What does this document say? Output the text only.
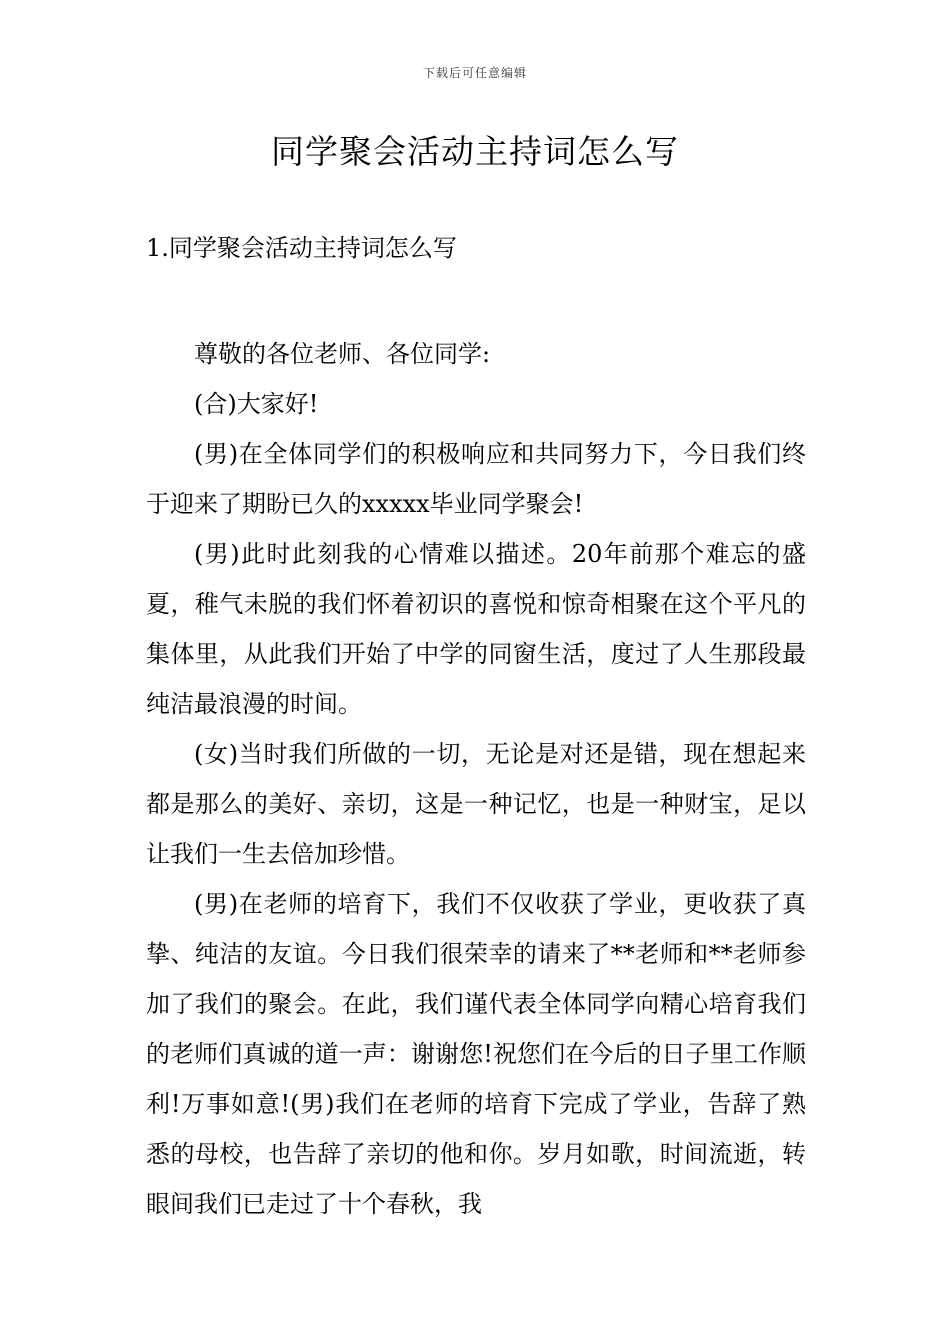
下载后可任意编辑
同学聚会活动主持词怎么写
1.同学聚会活动主持词怎么写

尊敬的各位老师、各位同学:

(合)大家好!

(男)在全体同学们的积极响应和共同努力下，今日我们终于迎来了期盼已久的xxxxx毕业同学聚会!

(男)此时此刻我的心情难以描述。20年前那个难忘的盛夏，稚气未脱的我们怀着初识的喜悦和惊奇相聚在这个平凡的集体里，从此我们开始了中学的同窗生活，度过了人生那段最纯洁最浪漫的时间。

(女)当时我们所做的一切，无论是对还是错，现在想起来都是那么的美好、亲切，这是一种记忆，也是一种财宝，足以让我们一生去倍加珍惜。

(男)在老师的培育下，我们不仅收获了学业，更收获了真挚、纯洁的友谊。今日我们很荣幸的请来了**老师和**老师参加了我们的聚会。在此，我们谨代表全体同学向精心培育我们的老师们真诚的道一声：谢谢您!祝您们在今后的日子里工作顺利!万事如意!(男)我们在老师的培育下完成了学业，告辞了熟悉的母校，也告辞了亲切的他和你。岁月如歌，时间流逝，转眼间我们已走过了十个春秋，我
